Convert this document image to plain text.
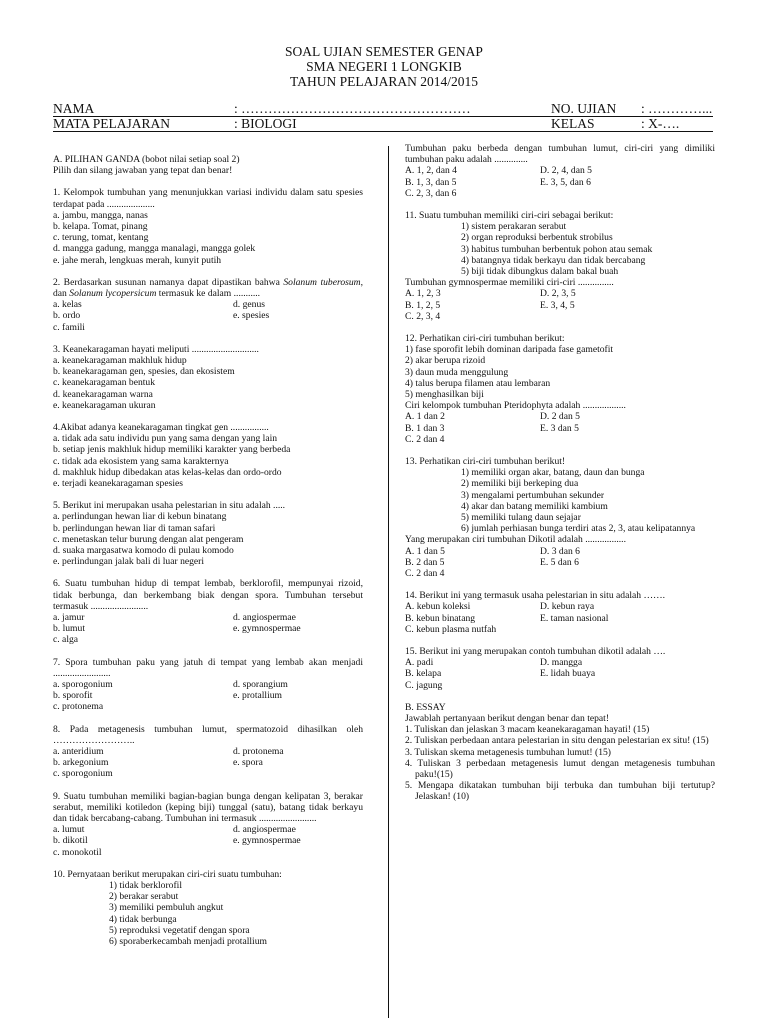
SOAL UJIAN SEMESTER GENAP
SMA NEGERI 1 LONGKIB
TAHUN PELAJARAN 2014/2015
NAMA	: ……………………………………………	NO. UJIAN : …………...
MATA PELAJARAN	: BIOLOGI	KELAS	: X-….

A. PILIHAN GANDA (bobot nilai setiap soal 2)

Pilih dan silang jawaban yang tepat dan benar!

1. Kelompok tumbuhan yang menunjukkan variasi individu dalam satu spesies terdapat pada ....................

a. jambu, mangga, nanas

b. kelapa. Tomat, pinang

c. terung, tomat, kentang

d. mangga gadung, mangga manalagi, mangga golek

e. jahe merah, lengkuas merah, kunyit putih

2. Berdasarkan susunan namanya dapat dipastikan bahwa Solanum tuberosum, dan Solanum lycopersicum termasuk ke dalam ...........

a. kelas	d. genus
b. ordo	e. spesies

c. famili

3. Keanekaragaman hayati meliputi ............................

a. keanekaragaman makhluk hidup

b. keanekaragaman gen, spesies, dan ekosistem

c. keanekaragaman bentuk

d. keanekaragaman warna

e. keanekaragaman ukuran

4.Akibat adanya keanekaragaman tingkat gen ................

a. tidak ada satu individu pun yang sama dengan yang lain

b. setiap jenis makhluk hidup memiliki karakter yang berbeda

c. tidak ada ekosistem yang sama karakternya

d. makhluk hidup dibedakan atas kelas-kelas dan ordo-ordo

e. terjadi keanekaragaman spesies

5. Berikut ini merupakan usaha pelestarian in situ adalah .....

a. perlindungan hewan liar di kebun binatang

b. perlindungan hewan liar di taman safari

c. menetaskan telur burung dengan alat pengeram

d. suaka margasatwa komodo di pulau komodo

e. perlindungan jalak bali di luar negeri

6. Suatu tumbuhan hidup di tempat lembab, berklorofil, mempunyai rizoid, tidak berbunga, dan berkembang biak dengan spora. Tumbuhan tersebut termasuk ........................

a. jamur	d. angiospermae
b. lumut	e. gymnospermae

c. alga

7. Spora tumbuhan paku yang jatuh di tempat yang lembab akan menjadi ........................

a. sporogonium	d. sporangium
b. sporofit	e. protallium

c. protonema

8. Pada metagenesis tumbuhan lumut, spermatozoid dihasilkan oleh ……………………..

a. anteridium	d. protonema
b. arkegonium	e. spora

c. sporogonium

9. Suatu tumbuhan memiliki bagian-bagian bunga dengan kelipatan 3, berakar serabut, memiliki kotiledon (keping biji) tunggal (satu), batang tidak berkayu dan tidak bercabang-cabang. Tumbuhan ini termasuk ........................

a. lumut	d. angiospermae
b. dikotil	e. gymnospermae

c. monokotil

10. Pernyataan berikut merupakan ciri-ciri suatu tumbuhan:

1) tidak berklorofil

2) berakar serabut

3) memiliki pembuluh angkut

4) tidak berbunga

5) reproduksi vegetatif dengan spora

6) sporaberkecambah menjadi protallium

Tumbuhan paku berbeda dengan tumbuhan lumut, ciri-ciri yang dimiliki tumbuhan paku adalah ..............

A. 1, 2, dan 4	D. 2, 4, dan 5
B. 1, 3, dan 5	E. 3, 5, dan 6

C. 2, 3, dan 6

11. Suatu tumbuhan memiliki ciri-ciri sebagai berikut:

1) sistem perakaran serabut

2) organ reproduksi berbentuk strobilus

3) habitus tumbuhan berbentuk pohon atau semak

4) batangnya tidak berkayu dan tidak bercabang

5) biji tidak dibungkus dalam bakal buah

Tumbuhan gymnospermae memiliki ciri-ciri ...............

A. 1, 2, 3	D. 2, 3, 5
B. 1, 2, 5	E. 3, 4, 5

C. 2, 3, 4

12. Perhatikan ciri-ciri tumbuhan berikut:

1) fase sporofit lebih dominan daripada fase gametofit

2) akar berupa rizoid

3) daun muda menggulung

4) talus berupa filamen atau lembaran

5) menghasilkan biji

Ciri kelompok tumbuhan Pteridophyta adalah ..................

A. 1 dan 2	D. 2 dan 5
B. 1 dan 3	E. 3 dan 5

C. 2 dan 4

13. Perhatikan ciri-ciri tumbuhan berikut!

1) memiliki organ akar, batang, daun dan bunga

2) memiliki biji berkeping dua

3) mengalami pertumbuhan sekunder

4) akar dan batang memiliki kambium

5) memiliki tulang daun sejajar

6) jumlah perhiasan bunga terdiri atas 2, 3, atau kelipatannya

Yang merupakan ciri tumbuhan Dikotil adalah .................

A. 1 dan 5	D. 3 dan 6
B. 2 dan 5	E. 5 dan 6

C. 2 dan 4

14. Berikut ini yang termasuk usaha pelestarian in situ adalah …….

A. kebun koleksi	D. kebun raya
B. kebun binatang	E. taman nasional

C. kebun plasma nutfah

15. Berikut ini yang merupakan contoh tumbuhan dikotil adalah ….

A. padi	D. mangga
B. kelapa	E. lidah buaya

C. jagung

B. ESSAY

Jawablah pertanyaan berikut dengan benar dan tepat!

1. Tuliskan dan jelaskan 3 macam keanekaragaman hayati! (15)

2. Tuliskan perbedaan antara pelestarian in situ dengan pelestarian ex situ! (15)

3. Tuliskan skema metagenesis tumbuhan lumut! (15)

4. Tuliskan 3 perbedaan metagenesis lumut dengan metagenesis tumbuhan paku!(15)

5. Mengapa dikatakan tumbuhan biji terbuka dan tumbuhan biji tertutup? Jelaskan! (10)
